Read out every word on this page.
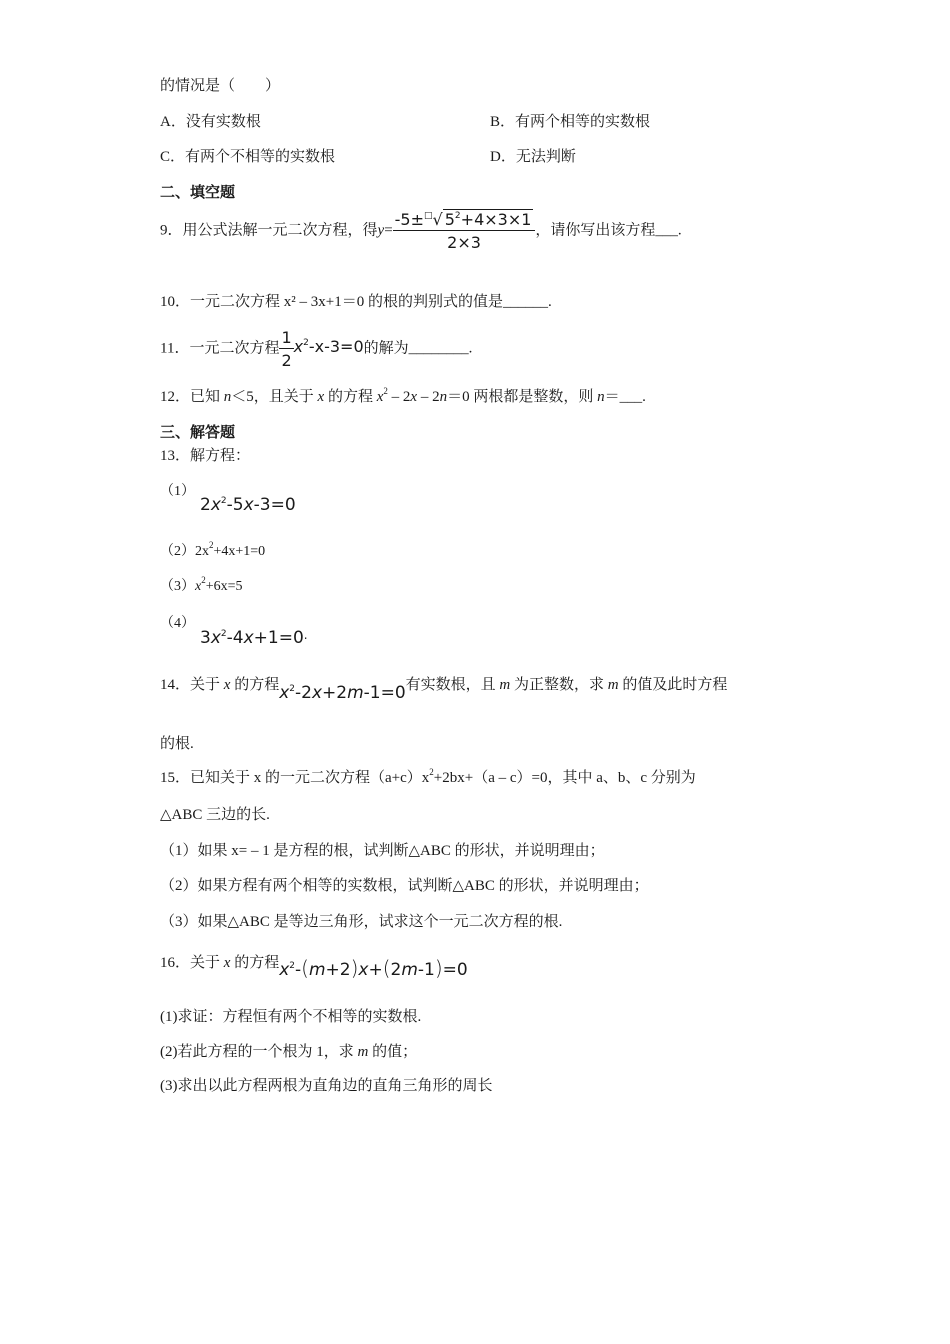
的情况是（　　）
A．没有实数根	B．有两个相等的实数根
C．有两个不相等的实数根	D．无法判断
二、填空题
9．用公式法解一元二次方程，得$y= \frac{-5\pm^□√ 5^2+4\times 3\times 1}{2\times 3}$ ，请你写出该方程___.
10．一元二次方程 x² – 3x+1＝0 的根的判别式的值是______.
11．一元二次方程 $\frac{1}{2} x^2-x-3=0$的解为________.
12．已知 n＜5，且关于 x 的方程 $x^2 - 2x - 2n=0$ 两根都是整数，则 n＝___.
三、解答题
13．解方程：
（1）
$2x^2-5x-3=0$
$(2)2x^2+4x+1=0$
$(3)x^2+6x=5$
（4）
$3x^2-4x+1=0^.$
14．关于 x 的方程$x^2-2x+2m-1=0$有实数根，且 m 为正整数，求 m 的值及此时方程
的根.
15．已知关于 x 的一元二次方程$(a+c)x^2+2bx+(a - c)=0$，其中 a、b、c 分别为
△ABC 三边的长.
（1）如果 x= – 1 是方程的根，试判断△ABC 的形状，并说明理由；
（2）如果方程有两个相等的实数根，试判断△ABC 的形状，并说明理由；
（3）如果△ABC 是等边三角形，试求这个一元二次方程的根.
16．关于 x 的方程$x^2-(m+2)x+(2m-1)=0$
(1)求证：方程恒有两个不相等的实数根.
(2)若此方程的一个根为 1，求 m 的值；
(3)求出以此方程两根为直角边的直角三角形的周长
